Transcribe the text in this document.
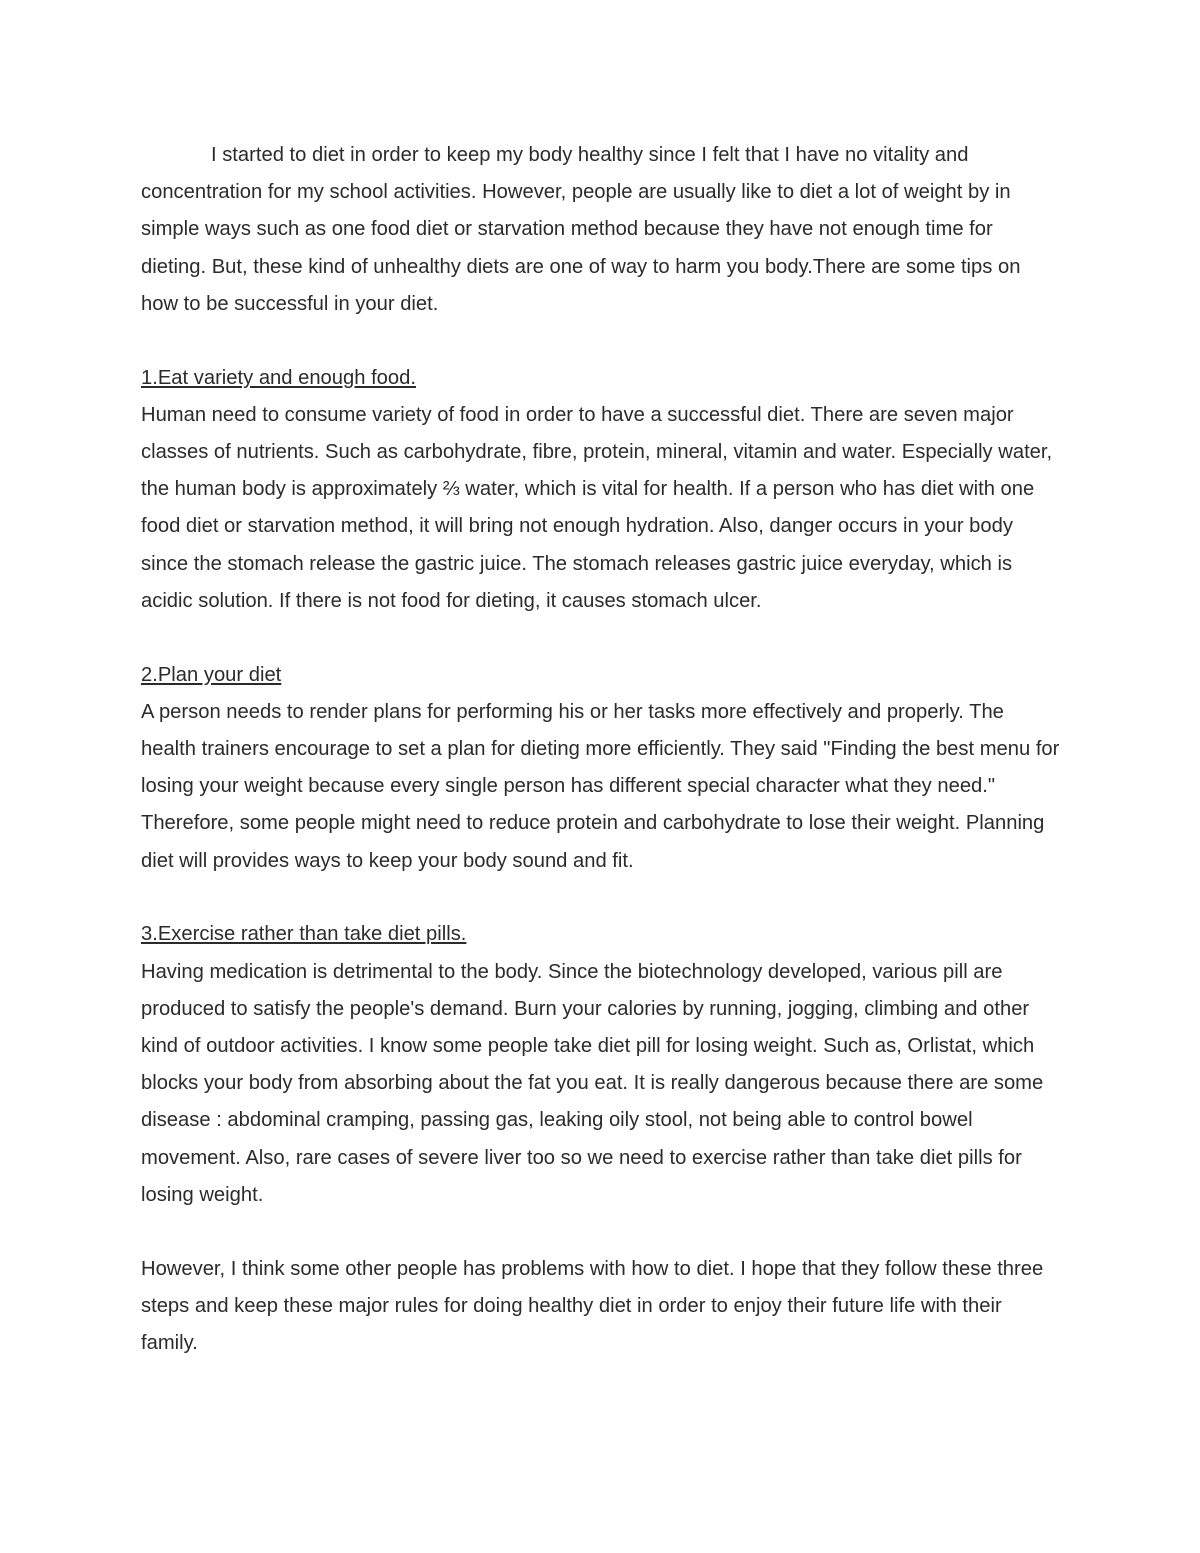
I started to diet in order to keep my body healthy since I felt that I have no vitality and concentration for my school activities. However, people are usually like to diet a lot of weight by in simple ways such as one food diet or starvation method because they have not enough time for dieting. But, these kind of unhealthy diets are one of way to harm you body.There are some tips on how to be successful in your diet.

1.Eat variety and enough food.

Human need to consume variety of food in order to have a successful diet. There are seven major classes of nutrients. Such as carbohydrate, fibre, protein, mineral, vitamin and water. Especially water, the human body is approximately ⅔ water, which is vital for health. If a person who has diet with one food diet or starvation method, it will bring not enough hydration. Also, danger occurs in your body since the stomach release the gastric juice. The stomach releases gastric juice everyday, which is acidic solution. If there is not food for dieting, it causes stomach ulcer.

2.Plan your diet

A person needs to render plans for performing his or her tasks more effectively and properly. The health trainers encourage to set a plan for dieting more efficiently. They said "Finding the best menu for losing your weight because every single person has different special character what they need." Therefore, some people might need to reduce protein and carbohydrate to lose their weight. Planning diet will provides ways to keep your body sound and fit.

3.Exercise rather than take diet pills.

Having medication is detrimental to the body. Since the biotechnology developed, various pill are produced to satisfy the people's demand. Burn your calories by running, jogging, climbing and other kind of outdoor activities. I know some people take diet pill for losing weight. Such as, Orlistat, which blocks your body from absorbing about the fat you eat. It is really dangerous because there are some disease : abdominal cramping, passing gas, leaking oily stool, not being able to control bowel movement. Also, rare cases of severe liver too so we need to exercise rather than take diet pills for losing weight.

However, I think some other people has problems with how to diet. I hope that they follow these three steps and keep these major rules for doing healthy diet in order to enjoy their future life with their family.
